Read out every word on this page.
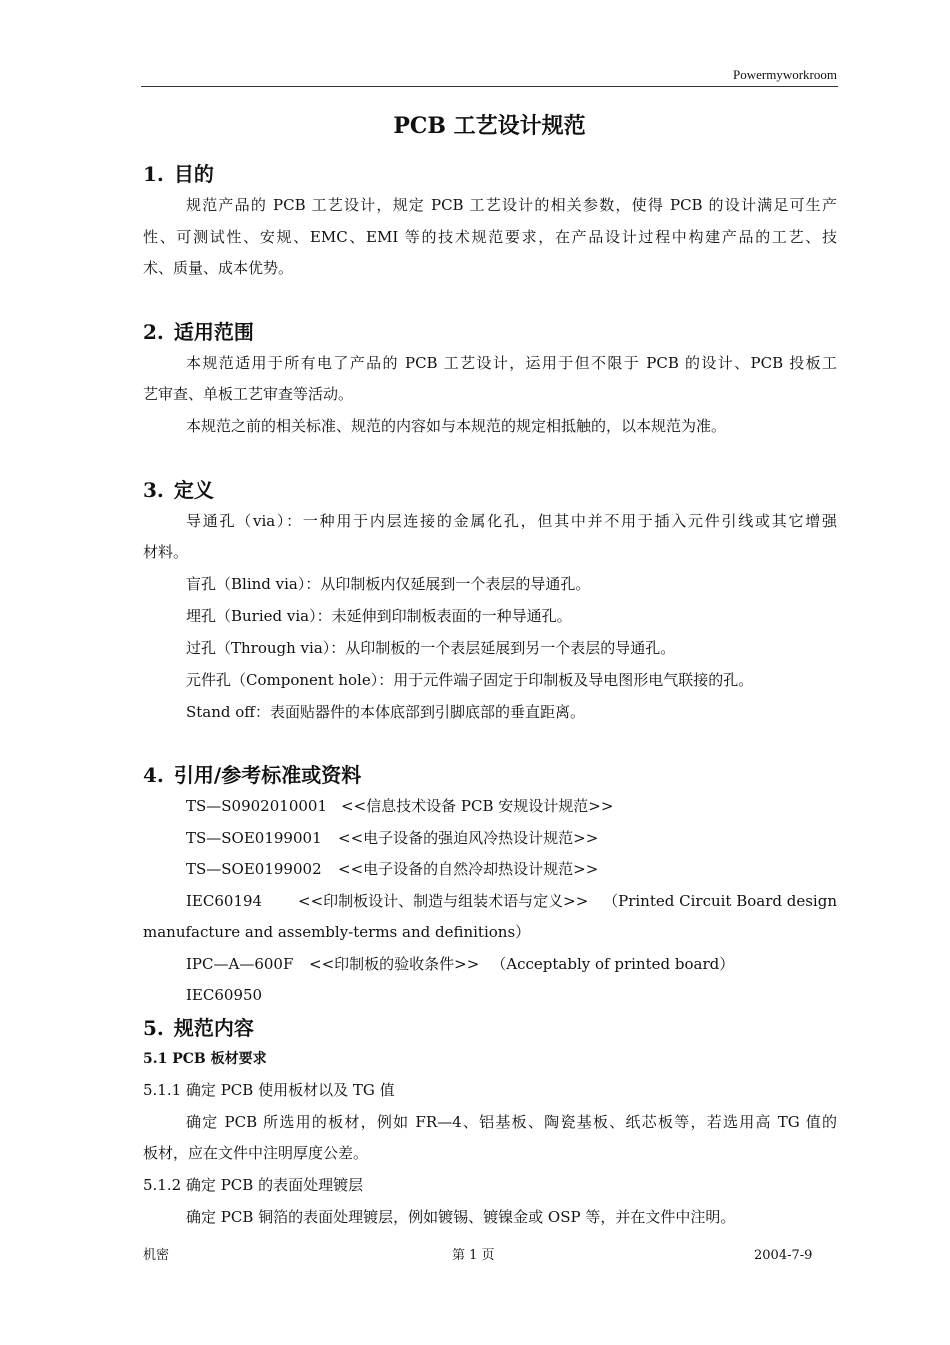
Powermyworkroom
PCB 工艺设计规范
1. 目的
规范产品的 PCB 工艺设计，规定 PCB 工艺设计的相关参数，使得 PCB 的设计满足可生产
性、可测试性、安规、EMC、EMI 等的技术规范要求，在产品设计过程中构建产品的工艺、技
术、质量、成本优势。
2. 适用范围
本规范适用于所有电了产品的 PCB 工艺设计，运用于但不限于 PCB 的设计、PCB 投板工
艺审查、单板工艺审查等活动。
本规范之前的相关标准、规范的内容如与本规范的规定相抵触的，以本规范为准。
3. 定义
导通孔（via）：一种用于内层连接的金属化孔，但其中并不用于插入元件引线或其它增强
材料。
盲孔（Blind via）：从印制板内仅延展到一个表层的导通孔。
埋孔（Buried via）：未延伸到印制板表面的一种导通孔。
过孔（Through via）：从印制板的一个表层延展到另一个表层的导通孔。
元件孔（Component hole）：用于元件端子固定于印制板及导电图形电气联接的孔。
Stand off：表面贴器件的本体底部到引脚底部的垂直距离。
4. 引用/参考标准或资料
TS—S0902010001 <<信息技术设备 PCB 安规设计规范>>
TS—SOE0199001 <<电子设备的强迫风冷热设计规范>>
TS—SOE0199002 <<电子设备的自然冷却热设计规范>>
IEC60194 <<印制板设计、制造与组装术语与定义>> （Printed Circuit Board design
manufacture and assembly-terms and definitions）
IPC—A—600F <<印制板的验收条件>> （Acceptably of printed board）
IEC60950
5. 规范内容
5.1 PCB 板材要求
5.1.1 确定 PCB 使用板材以及 TG 值
确定 PCB 所选用的板材，例如 FR—4、铝基板、陶瓷基板、纸芯板等，若选用高 TG 值的
板材，应在文件中注明厚度公差。
5.1.2 确定 PCB 的表面处理镀层
确定 PCB 铜箔的表面处理镀层，例如镀锡、镀镍金或 OSP 等，并在文件中注明。
机密	第 1 页	2004-7-9
